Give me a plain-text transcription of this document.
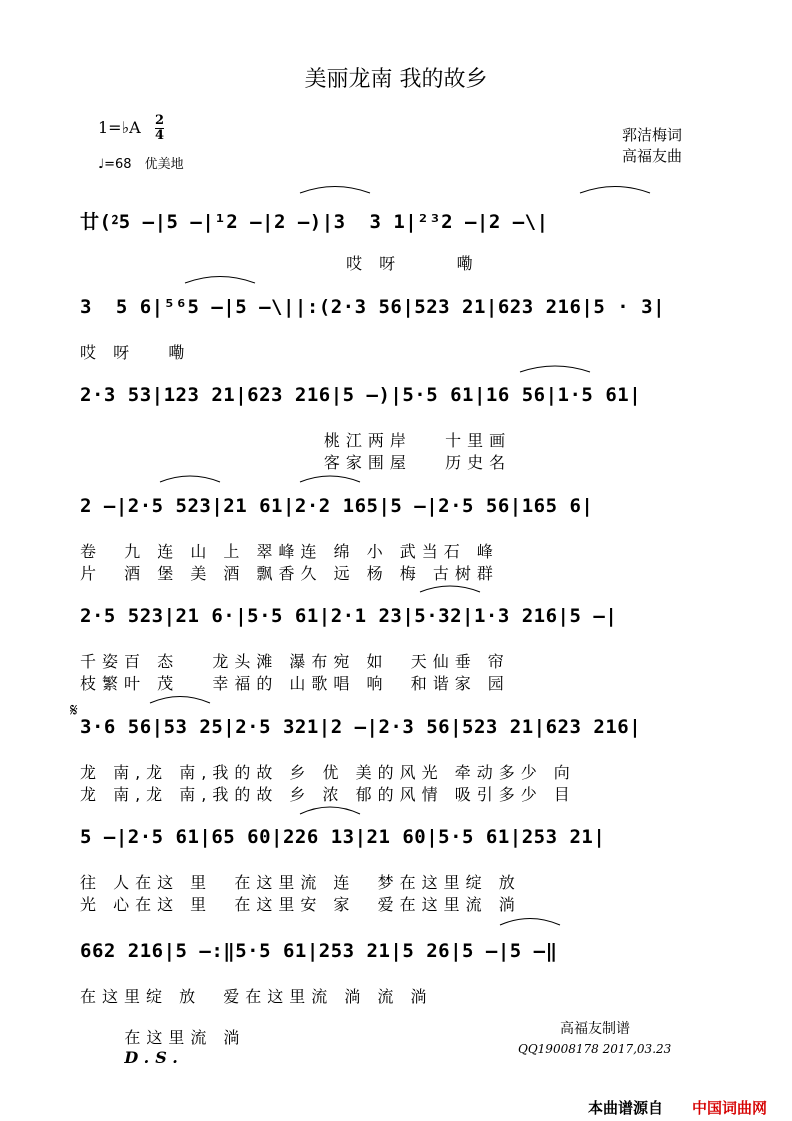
美丽龙南 我的故乡
1=♭A 2
4
♩=68　优美地
郛洁梅词
高福友曲
𝄋
廿(⁲5 –|5 –|¹2 –|2 –)|3  3 1|²³2 –|2 –\|
哎 呀     嘞
3  5 6|⁵⁶5 –|5 –\||:(2·3 56|523 21|623 216|5 · 3|
哎 呀   嘞
2·3 53|123 21|623 216|5 –)|5·5 61|16 56|1·5 61|
桃江两岸   十里画
客家围屋   历史名
2 –|2·5 523|21 61|2·2 165|5 –|2·5 56|165 6|
卷  九 连 山 上 翠峰连 绵 小 武当石 峰
片  酒 堡 美 酒 飘香久 远 杨 梅 古树群
2·5 523|21 6·|5·5 61|2·1 23|5·32|1·3 216|5 –|
千姿百 态   龙头滩 瀑布宛 如  天仙垂 帘
枝繁叶 茂   幸福的 山歌唱 响  和谐家 园
3·6 56|53 25|2·5 321|2 –|2·3 56|523 21|623 216|
龙 南,龙 南,我的故 乡 优 美的风光 牵动多少 向
龙 南,龙 南,我的故 乡 浓 郁的风情 吸引多少 目
5 –|2·5 61|65 60|226 13|21 60|5·5 61|253 21|
往 人在这 里  在这里流 连  梦在这里绽 放
光 心在这 里  在这里安 家  爱在这里流 淌
662 216|5 –:‖5·5 61|253 21|5 26|5 –|5 –‖
在这里绽 放  爱在这里流 淌 流 淌

在这里流 淌
D.S.

高福友制谱
QQ19008178 2017,03.23
本曲谱源自 中国词曲网
